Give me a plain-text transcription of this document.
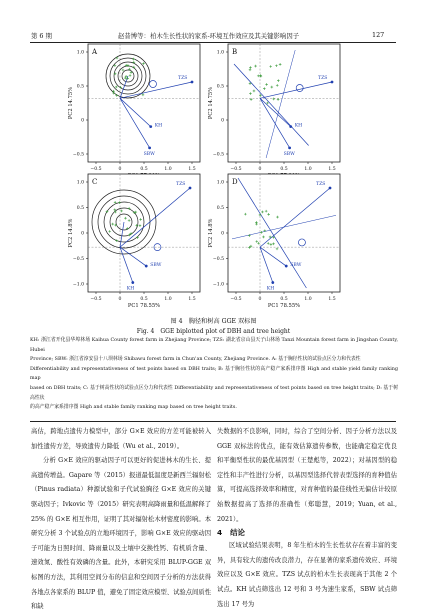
第 6 期	赵昔博等：柏木生长性状的家系-环境互作效应及其关键影响因子	127
A
−0.5	0	0.5	1.0	1.5
−0.5
0
0.5
1.0
PC2 14.75%
TZS
KH
SBW
B
−0.5	0	0.5	1.0	1.5
−0.5
0
0.5
1.0
PC2 14.75%
TZS
KH
SBW
C
−0.5	0	0.5	1.0	1.5
−1.0
−0.5
0
0.5
1.0
PC1 78.55%
PC2 14.8%
TZS
SBW
KH
D
−0.5	0	0.5	1.0	1.5
−1.0
−0.5
0
0.5
1.0
PC1 78.55%
PC2 14.8%
TZS
SBW
KH
图 4　胸径和树高 GGE 双标图
Fig. 4　GGE biplotted plot of DBH and tree height

KH: 浙江省开化县华埠林场 Kaihua County forest farm in Zhejiang Province; TZS: 湖北省京山县天子山林场 Tanzi Mountain forest farm in Jingshan County, Hubei

Province; SBW: 浙江省淳安县十八坝林场 Shibawu forest farm in Chun'an County, Zhejiang Province. A: 基于胸径性状的试验点区分力和代表性

Differentiability and representativeness of test points based on DBH traits; B: 基于胸径性状的高产稳产家系排序图 High and stable yield family ranking map

based on DBH traits; C: 基于树高性状的试验点区分力和代表性 Differentiability and representativeness of test points based on tree height traits; D: 基于树高性状

的高产稳产家系排序图 High and stable family ranking map based on tree height traits.

高估，跨地点遗传力模型中，部分 G×E 效应的方差可能被转入加性遗传方差，导致遗传力降低（Wu et al., 2019）。

分析 G×E 效应的驱动因子可以更好的促进林木的生长、提高遗传增益。Gapare 等（2015）报道最低温度是新西兰辐射松（Pinus radiata）种源试验和子代试验胸径 G×E 效应的关键驱动因子；Ivkovic 等（2015）研究表明高降雨量和低温解释了 25% 的 G×E 相互作用，证明了其对辐射松木材密度的影响。本研究分析 3 个试验点的立地环境因子，影响 G×E 效应的驱动因子可能为日照时间、降雨量以及土壤中交换性钙、有机质含量、速效氮、酸性有效磷的含量。此外，本研究采用 BLUP-GGE 双标图的方法，其利用空间分布的信息和空间因子分析的方法获得各地点各家系的 BLUP 值，避免了固定效应模型、试验点间质性和缺

失数据的不良影响，同时，综合了空间分析、因子分析方法以及 GGE 双标法的优点，能有效估算遗传参数，也能确定稳定优良和平衡型性状的最优基因型（王楚彪等，2022）；对基因型的稳定性和丰产性进行分析，以基因型选择代替表型选择的育种值估算，可提高选择效率和精度，对育种值的最佳线性无偏估计较原始数据提高了选择的准确性（郑聪慧，2019；Yuan, et al., 2021）。

4 结论

区域试验结果表明，8 年生柏木的生长性状存在着丰富的变异，具有较大的遗传改良潜力，存在显著的家系遗传效应、环境效应以及 G×E 效应。TZS 试点的柏木生长表现高于其他 2 个试点。KH 试点筛选出 12 号和 3 号为速生家系，SBW 试点筛选出 17 号为
